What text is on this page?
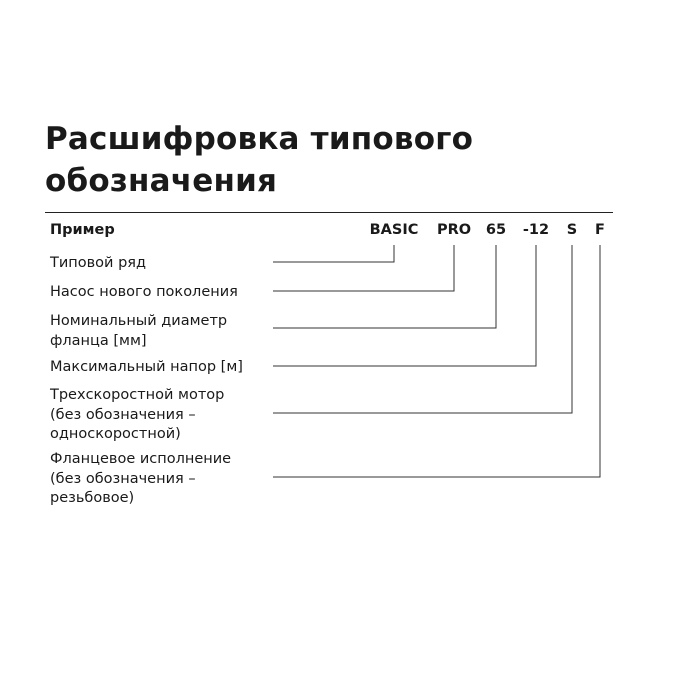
Расшифровка типового
обозначения
Пример	BASIC PRO 65 -12 S F
Типовой ряд
Насос нового поколения
Номинальный диаметр
фланца [мм]
Максимальный напор [м]
Трехскоростной мотор
(без обозначения –
односкоростной)
Фланцевое исполнение
(без обозначения –
резьбовое)
